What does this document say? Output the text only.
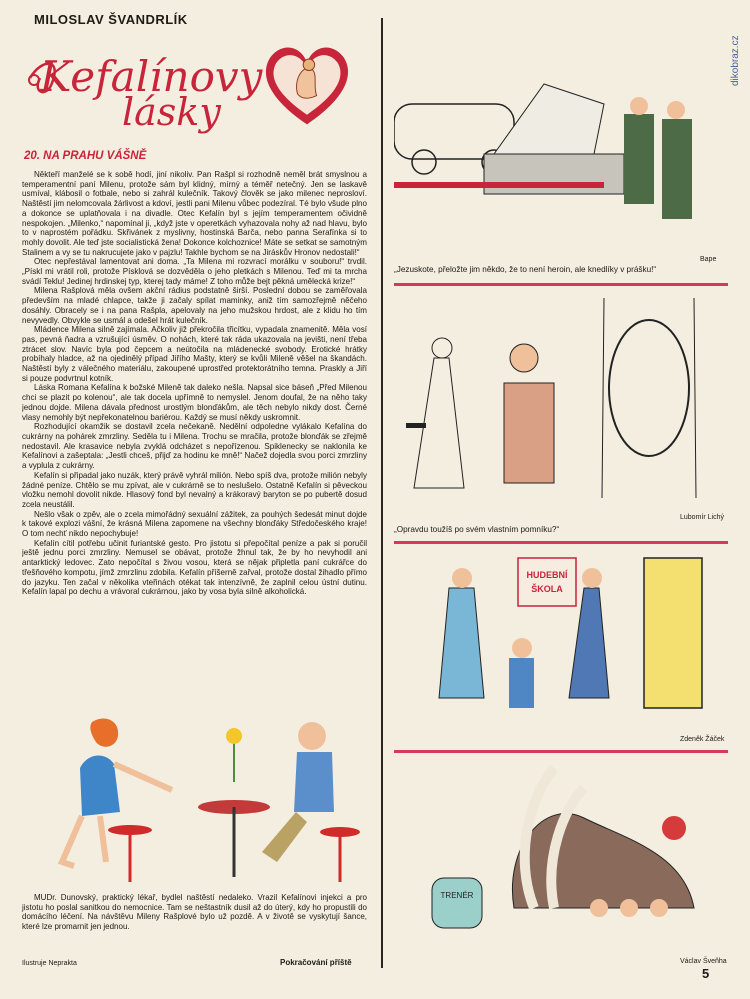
MILOSLAV ŠVANDRLÍK
Kefalínovy
lásky
20. NA PRAHU VÁŠNĚ

Někteří manželé se k sobě hodí, jiní nikoliv. Pan Rašpl si rozhodně neměl brát smyslnou a temperamentní paní Milenu, protože sám byl klidný, mírný a téměř netečný. Jen se laskavě usmíval, klábosil o fotbale, nebo si zahrál kulečník. Takový člověk se jako milenec neprosloví. Naštěstí jim nelomcovala žárlivost a kdoví, jestli pani Milenu vůbec podezíral. Té bylo všude plno a dokonce se uplatňovala i na divadle. Otec Kefalín byl s jejím temperamentem očividně nespokojen. „Milenko,“ napomínal ji, „když jste v operetkách vyhazovala nohy až nad hlavu, bylo to v naprostém pořádku. Skřivánek z myslivny, hostinská Barča, nebo panna Serafínka si to mohly dovolit. Ale teď jste socialistická žena! Dokonce kolchoznice! Máte se setkat se samotným Stalinem a vy se tu nakrucujete jako v pajzlu! Takhle bychom se na Jiráskův Hronov nedostali!“

Otec nepřestával lamentovat ani doma. „Ta Milena mi rozvrací morálku v souboru!“ trvdil. „Pískl mi vrátil roli, protože Písklová se dozvěděla o jeho pletkách s Milenou. Teď mi ta mrcha svádí Teklu! Jedinej hrdinskej typ, kterej tady máme! Z toho může bejt pěkná umělecká krize!“

Milena Rašplová měla ovšem akční rádius podstatně širší. Poslední dobou se zaměřovala především na mladé chlapce, takže ji začaly spílat maminky, aniž tím samozřejmě něčeho dosáhly. Obracely se i na pana Rašpla, apelovaly na jeho mužskou hrdost, ale z klidu ho tím nevyvedly. Obvykle se usmál a odešel hrát kulečník.

Mládence Milena silně zajímala. Ačkoliv již překročila třicítku, vypadala znamenitě. Měla vosí pas, pevná ňadra a vzrušující úsměv. O nohách, které tak ráda ukazovala na jevišti, není třeba ztrácet slov. Navíc byla pod čepcem a neútočila na mládenecké svobody. Erotické hrátky probíhaly hladce, až na ojedinělý případ Jiřího Mašty, který se kvůli Mileně věšel na škandách. Naštěstí byly z válečného materiálu, zakoupené uprostřed protektorátního temna. Praskly a Jiří si pouze podvrtnul kotník.

Láska Romana Kefalína k božské Mileně tak daleko nešla. Napsal sice báseň „Před Milenou chci se plazit po kolenou“, ale tak docela upřímně to nemyslel. Jenom doufal, že na něho taky jednou dojde. Milena dávala přednost urostlým blonďákům, ale těch nebylo nikdy dost. Černé vlasy nemohly být nepřekonatelnou bariérou. Každý se musí někdy uskromnit.

Rozhodující okamžik se dostavil zcela nečekaně. Nedělní odpoledne vylákalo Kefalína do cukrárny na pohárek zmrzliny. Seděla tu i Milena. Trochu se mračila, protože blonďák se zřejmě nedostavil. Ale krasavice nebyla zvyklá odcházet s nepořízenou. Spiklenecky se naklonila ke Kefalínovi a zašeptala: „Jestli chceš, přijď za hodinu ke mně!“ Načež dojedla svou porci zmrzliny a vyplula z cukrárny.

Kefalín si připadal jako nuzák, který právě vyhrál milión. Nebo spíš dva, protože milión nebyly žádné peníze. Chtělo se mu zpívat, ale v cukrárně se to neslušelo. Ostatně Kefalín si pěveckou vložku nemohl dovolit nikde. Hlasový fond byl nevalný a krákoravý baryton se po pubertě dosud zcela neustálil.

Nešlo však o zpěv, ale o zcela mimořádný sexuální zážitek, za pouhých šedesát minut dojde k takové explozi vášní, že krásná Milena zapomene na všechny blonďáky Středočeského kraje! O tom nechť nikdo nepochybuje!

Kefalín cítil potřebu učinit furiantské gesto. Pro jistotu si přepočítal peníze a pak si poručil ještě jednu porci zmrzliny. Nemusel se obávat, protože žhnul tak, že by ho nevyhodil ani antarktický ledovec. Zato nepočítal s živou vosou, která se nějak připletla paní cukrářce do třešňového kompotu, jímž zmrzlinu zdobila. Kefalín příšerně zařval, protože dostal žihadlo přímo do jazyku. Ten začal v několika vteřinách otékat tak intenzívně, že zaplnil celou ústní dutinu. Kefalín lapal po dechu a vrávoral cukrárnou, jako by vosa byla silně alkoholická.

MUDr. Dunovský, praktický lékař, bydlel naštěstí nedaleko. Vrazil Kefalínovi injekci a pro jistotu ho poslal sanitkou do nemocnice. Tam se neštastník dusil až do úterý, kdy ho propustili do domácího léčení. Na návštěvu Mileny Rašplové bylo už pozdě. A v životě se vyskytují šance, které lze promarnit jen jednou.

Ilustruje Neprakta	Pokračování příště
dikobraz.cz
Bape
„Jezuskote, přeložte jim někdo, že to není heroin, ale knedlíky v prášku!“
Lubomír Lichý
„Opravdu toužíš po svém vlastním pomníku?“
HUDEBNÍ
ŠKOLA
Zdeněk Žáček
TRENÉR
Václav Šveňha
5
